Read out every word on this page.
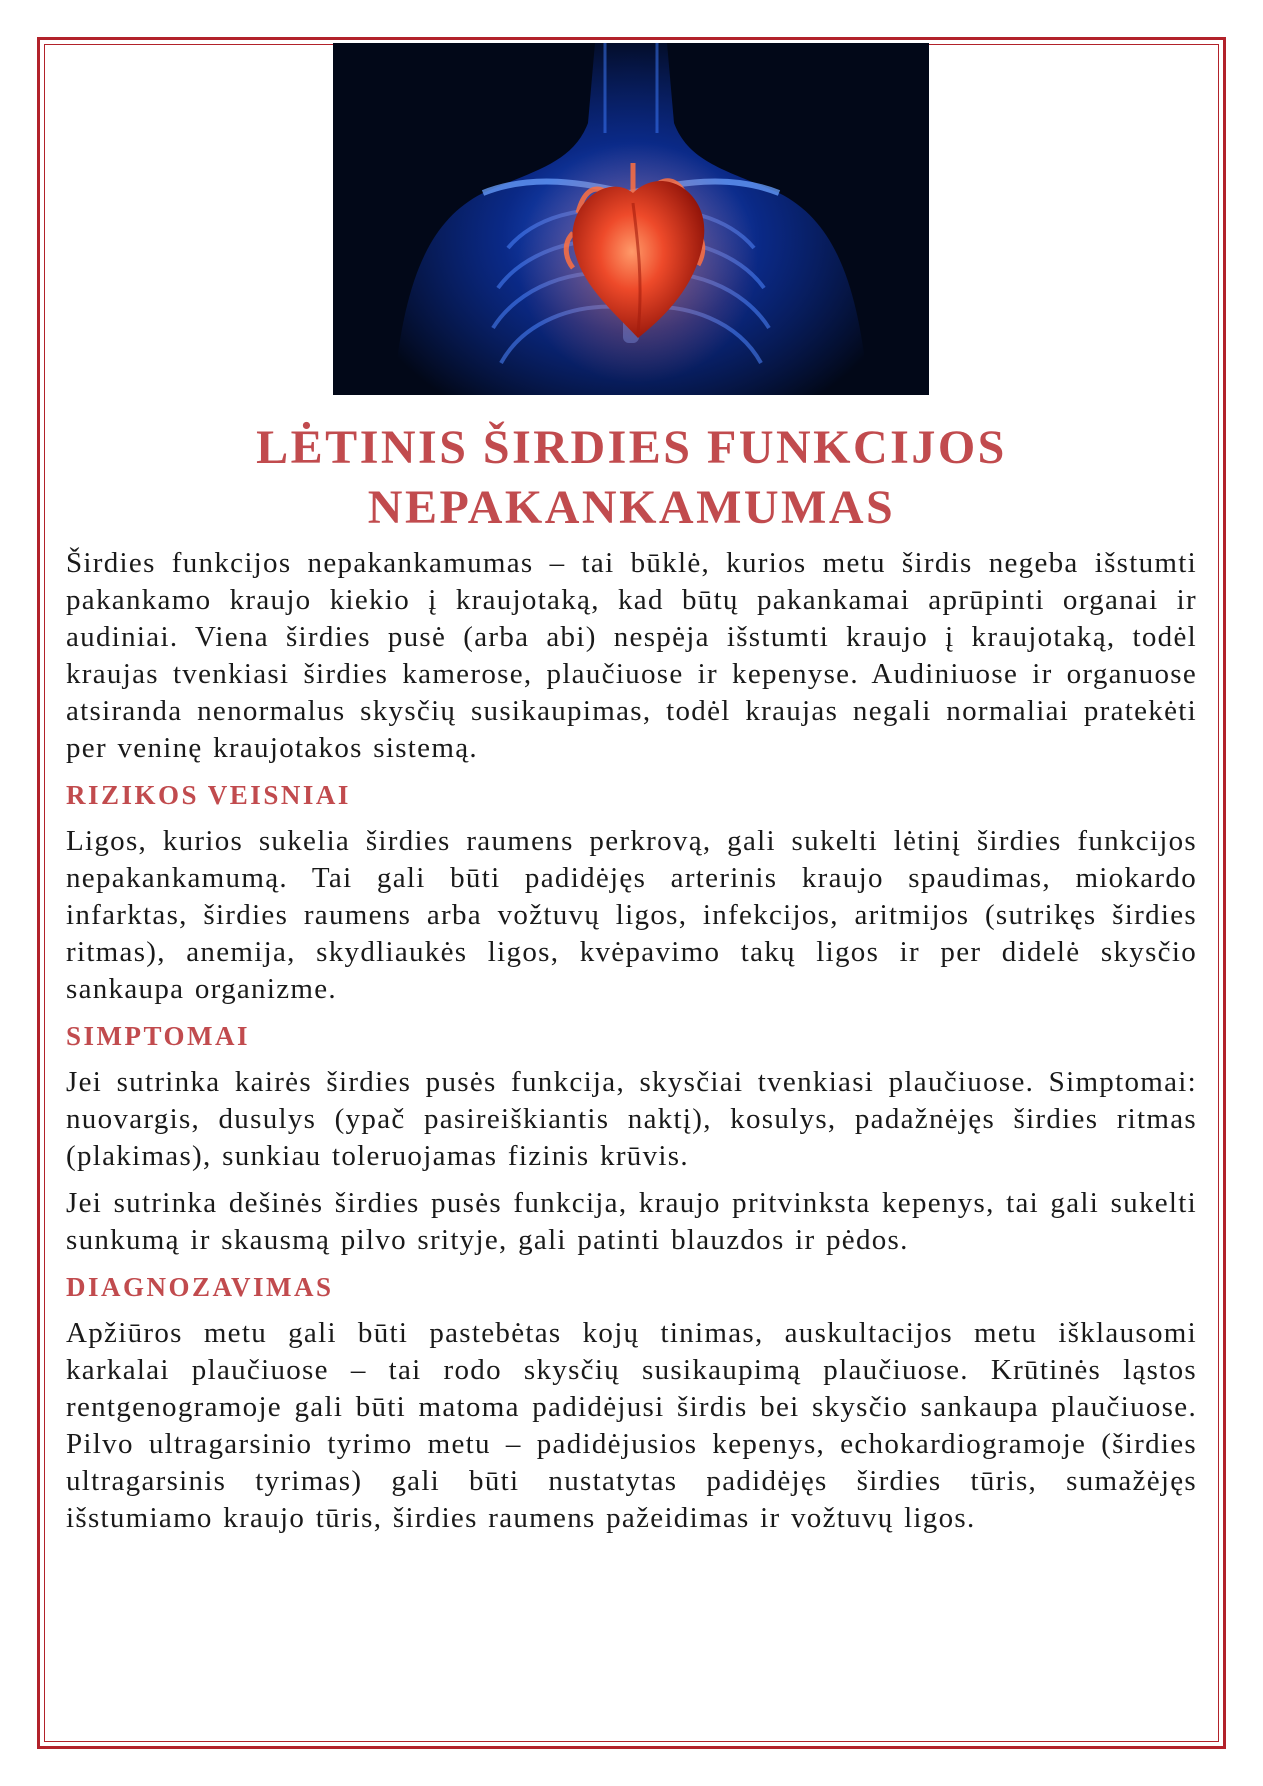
LĖTINIS ŠIRDIES FUNKCIJOS
NEPAKANKAMUMAS

Širdies funkcijos nepakankamumas – tai būklė, kurios metu širdis negeba išstumti pakankamo kraujo kiekio į kraujotaką, kad būtų pakankamai aprūpinti organai ir audiniai. Viena širdies pusė (arba abi) nespėja išstumti kraujo į kraujotaką, todėl kraujas tvenkiasi širdies kamerose, plaučiuose ir kepenyse. Audiniuose ir organuose atsiranda nenormalus skysčių susikaupimas, todėl kraujas negali normaliai pratekėti per veninę kraujotakos sistemą.

RIZIKOS VEISNIAI

Ligos, kurios sukelia širdies raumens perkrovą, gali sukelti lėtinį širdies funkcijos nepakankamumą. Tai gali būti padidėjęs arterinis kraujo spaudimas, miokardo infarktas, širdies raumens arba vožtuvų ligos, infekcijos, aritmijos (sutrikęs širdies ritmas), anemija, skydliaukės ligos, kvėpavimo takų ligos ir per didelė skysčio sankaupa organizme.

SIMPTOMAI

Jei sutrinka kairės širdies pusės funkcija, skysčiai tvenkiasi plaučiuose. Simptomai: nuovargis, dusulys (ypač pasireiškiantis naktį), kosulys, padažnėjęs širdies ritmas (plakimas), sunkiau toleruojamas fizinis krūvis.

Jei sutrinka dešinės širdies pusės funkcija, kraujo pritvinksta kepenys, tai gali sukelti sunkumą ir skausmą pilvo srityje, gali patinti blauzdos ir pėdos.

DIAGNOZAVIMAS

Apžiūros metu gali būti pastebėtas kojų tinimas, auskultacijos metu išklausomi karkalai plaučiuose – tai rodo skysčių susikaupimą plaučiuose. Krūtinės ląstos rentgenogramoje gali būti matoma padidėjusi širdis bei skysčio sankaupa plaučiuose. Pilvo ultragarsinio tyrimo metu – padidėjusios kepenys, echokardiogramoje (širdies ultragarsinis tyrimas) gali būti nustatytas padidėjęs širdies tūris, sumažėjęs išstumiamo kraujo tūris, širdies raumens pažeidimas ir vožtuvų ligos.
